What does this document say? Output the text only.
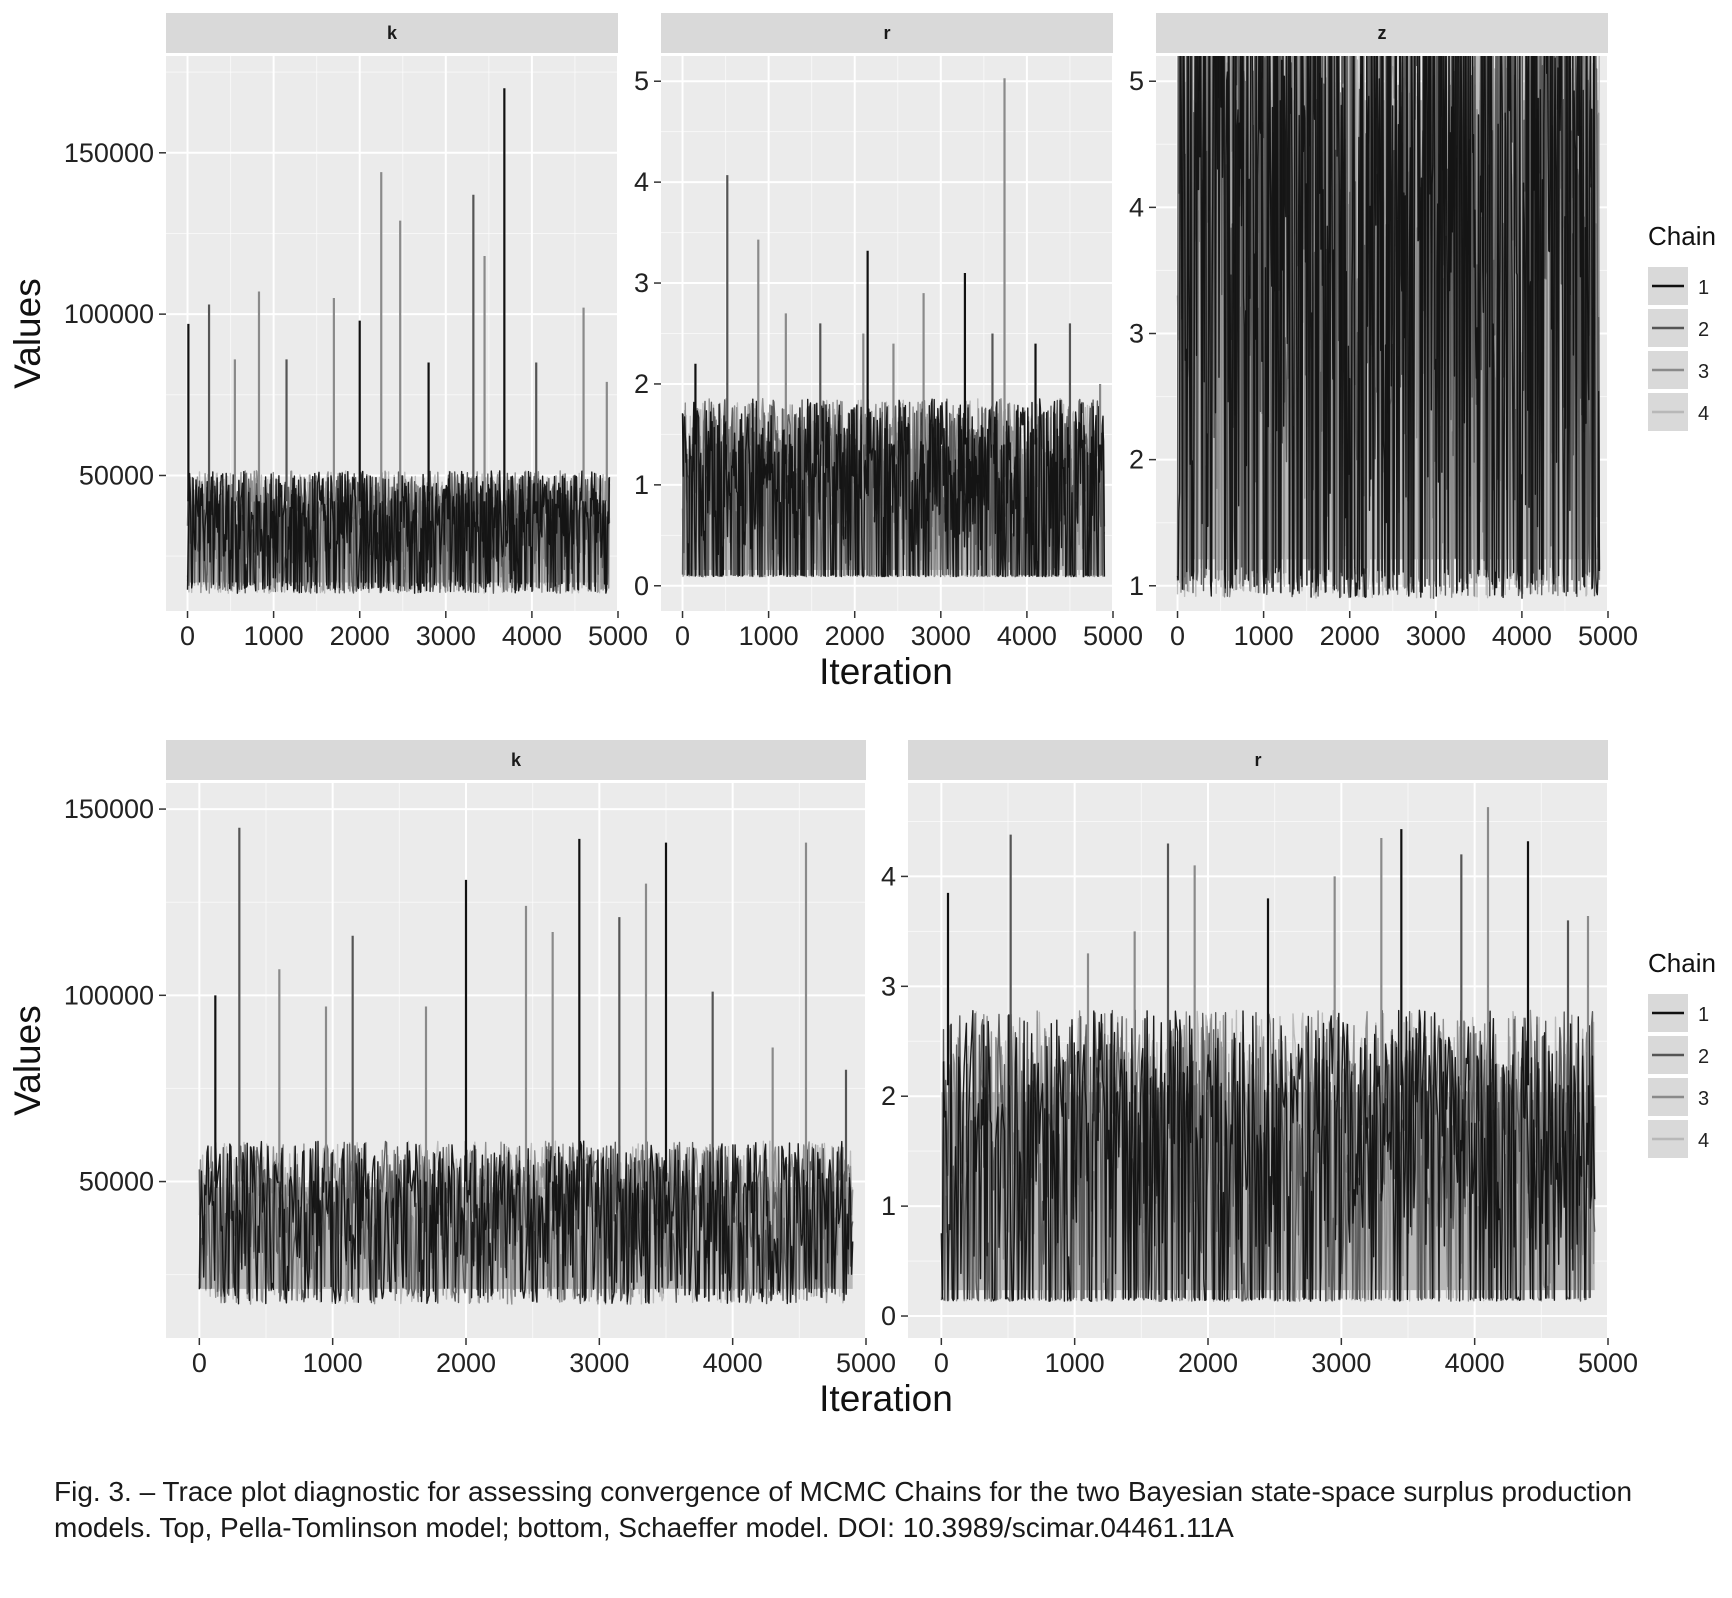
k
0 1000 2000 3000 4000 5000
50000
100000
150000
Values
r
0 1000 2000 3000 4000 5000
0
1
2
3
4
5
z
0 1000 2000 3000 4000 5000
1
2
3
4
5
k
0	1000	2000	3000	4000	5000
50000
100000
150000
Values
r
0	1000	2000	3000	4000	5000
0
1
2
3
4
Iteration
Iteration
Chain
1
2
3
4
Chain
1
2
3
4
Fig. 3. – Trace plot diagnostic for assessing convergence of MCMC Chains for the two Bayesian state-space surplus production models. Top, Pella-Tomlinson model; bottom, Schaeffer model. DOI: 10.3989/scimar.04461.11A
